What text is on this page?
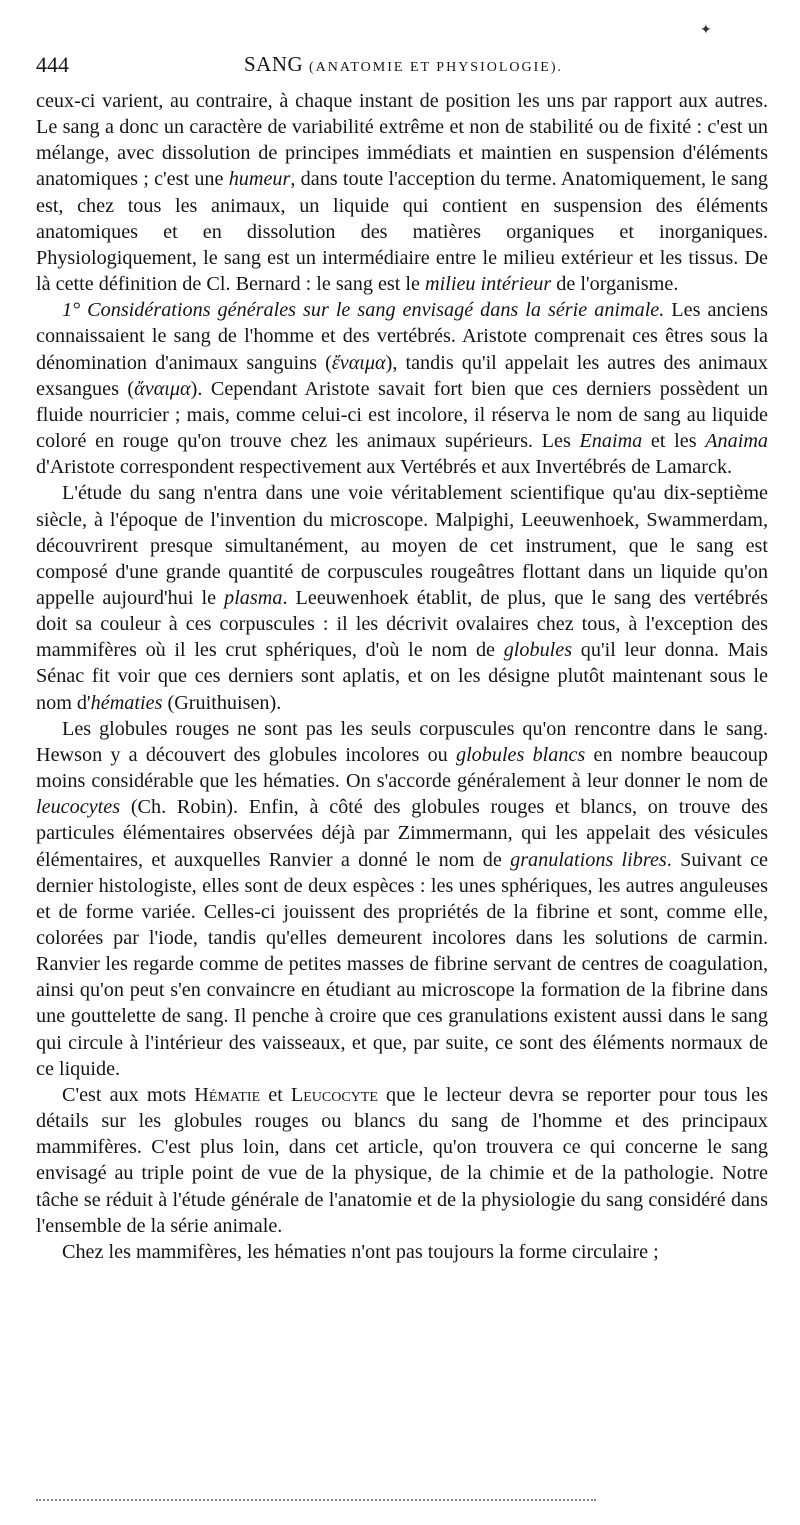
✦
444	SANG (ANATOMIE ET PHYSIOLOGIE).

ceux-ci varient, au contraire, à chaque instant de position les uns par rapport aux autres. Le sang a donc un caractère de variabilité extrême et non de stabilité ou de fixité : c'est un mélange, avec dissolution de principes immédiats et maintien en suspension d'éléments anatomiques ; c'est une humeur, dans toute l'acception du terme. Anatomiquement, le sang est, chez tous les animaux, un liquide qui contient en suspension des éléments anatomiques et en dissolution des matières organiques et inorganiques. Physiologiquement, le sang est un intermédiaire entre le milieu extérieur et les tissus. De là cette définition de Cl. Bernard : le sang est le milieu intérieur de l'organisme.

1° Considérations générales sur le sang envisagé dans la série animale. Les anciens connaissaient le sang de l'homme et des vertébrés. Aristote comprenait ces êtres sous la dénomination d'animaux sanguins (ἔναιμα), tandis qu'il appelait les autres des animaux exsangues (ἄναιμα). Cependant Aristote savait fort bien que ces derniers possèdent un fluide nourricier ; mais, comme celui-ci est incolore, il réserva le nom de sang au liquide coloré en rouge qu'on trouve chez les animaux supérieurs. Les Enaima et les Anaima d'Aristote correspondent respectivement aux Vertébrés et aux Invertébrés de Lamarck.

L'étude du sang n'entra dans une voie véritablement scientifique qu'au dix-septième siècle, à l'époque de l'invention du microscope. Malpighi, Leeuwenhoek, Swammerdam, découvrirent presque simultanément, au moyen de cet instrument, que le sang est composé d'une grande quantité de corpuscules rougeâtres flottant dans un liquide qu'on appelle aujourd'hui le plasma. Leeuwenhoek établit, de plus, que le sang des vertébrés doit sa couleur à ces corpuscules : il les décrivit ovalaires chez tous, à l'exception des mammifères où il les crut sphériques, d'où le nom de globules qu'il leur donna. Mais Sénac fit voir que ces derniers sont aplatis, et on les désigne plutôt maintenant sous le nom d'hématies (Gruithuisen).

Les globules rouges ne sont pas les seuls corpuscules qu'on rencontre dans le sang. Hewson y a découvert des globules incolores ou globules blancs en nombre beaucoup moins considérable que les hématies. On s'accorde généralement à leur donner le nom de leucocytes (Ch. Robin). Enfin, à côté des globules rouges et blancs, on trouve des particules élémentaires observées déjà par Zimmermann, qui les appelait des vésicules élémentaires, et auxquelles Ranvier a donné le nom de granulations libres. Suivant ce dernier histologiste, elles sont de deux espèces : les unes sphériques, les autres anguleuses et de forme variée. Celles-ci jouissent des propriétés de la fibrine et sont, comme elle, colorées par l'iode, tandis qu'elles demeurent incolores dans les solutions de carmin. Ranvier les regarde comme de petites masses de fibrine servant de centres de coagulation, ainsi qu'on peut s'en convaincre en étudiant au microscope la formation de la fibrine dans une gouttelette de sang. Il penche à croire que ces granulations existent aussi dans le sang qui circule à l'intérieur des vaisseaux, et que, par suite, ce sont des éléments normaux de ce liquide.

C'est aux mots Hématie et Leucocyte que le lecteur devra se reporter pour tous les détails sur les globules rouges ou blancs du sang de l'homme et des principaux mammifères. C'est plus loin, dans cet article, qu'on trouvera ce qui concerne le sang envisagé au triple point de vue de la physique, de la chimie et de la pathologie. Notre tâche se réduit à l'étude générale de l'anatomie et de la physiologie du sang considéré dans l'ensemble de la série animale.

Chez les mammifères, les hématies n'ont pas toujours la forme circulaire ;
